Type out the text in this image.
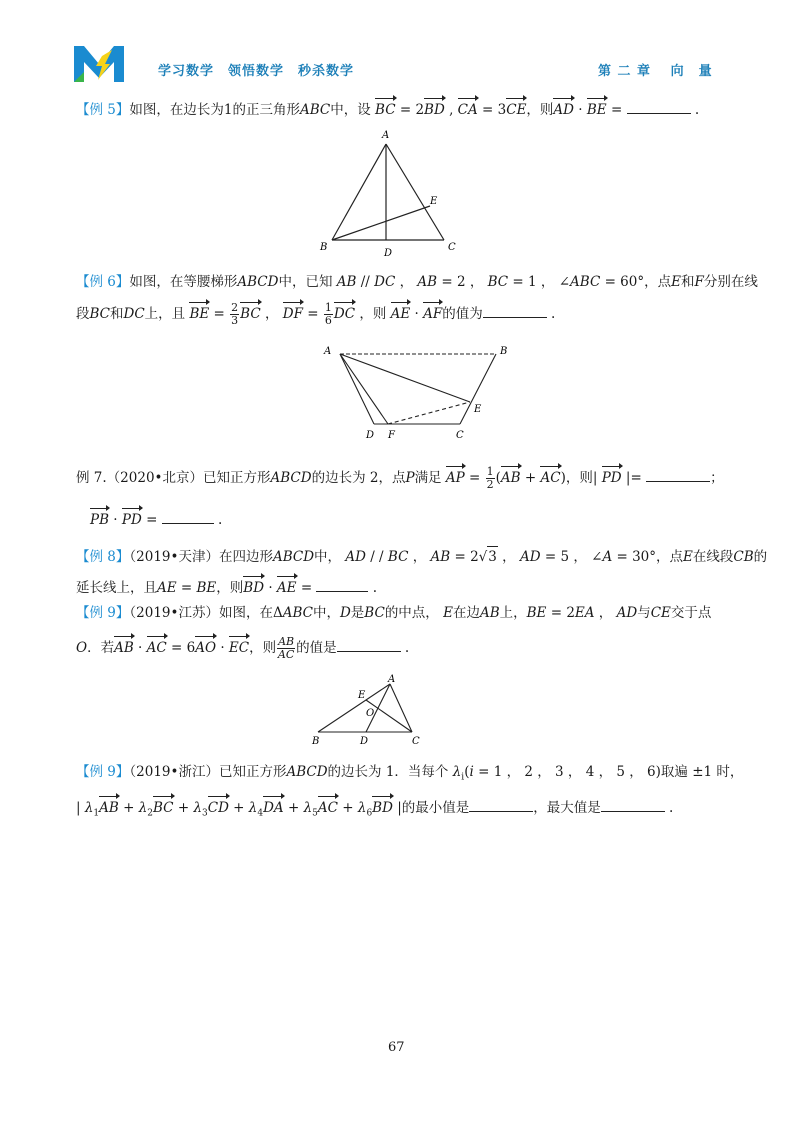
学习数学　领悟数学　秒杀数学	第 二 章　 向　量
【例 5】如图，在边长为1的正三角形ABC中，设 BC = 2BD , CA = 3CE，则AD · BE =	.
A
B	C
D
E
【例 6】如图，在等腰梯形ABCD中，已知 AB // DC ， AB = 2 ， BC = 1 ， ∠ABC = 60°，点E和F分别在线
段BC和DC上，且 BE = $\frac{2}{3}$ BC ， DF = $\frac{1}{6}$ DC ，则 AE · AF的值为	.
A	B
C
D
E
F
例 7.（2020•北京）已知正方形ABCD的边长为 2，点P满足 AP = $\frac{1}{2} (AB + AC)$，则| PD |=	；
PB · PD =	.
【例 8】（2019•天津）在四边形ABCD中， AD / / BC ， AB = 2√3 ， AD = 5 ， ∠A = 30°，点E在线段CB的
延长线上，且AE = BE，则BD · AE =	.
【例 9】（2019•江苏）如图，在ΔABC中，D是BC的中点， E在边AB上，BE = 2EA ， AD与CE交于点
O．若AB · AC = 6AO · EC，则 $\frac{AB}{AC}$ 的值是	.
A
B	C
D
E
O
【例 9】（2019•浙江）已知正方形ABCD的边长为 1．当每个 $\lambda_i(i = 1$ ， 2 ， 3 ， 4 ， 5 ， 6)取遍 ±1 时，
| $\lambda_1AB + \lambda_2BC + \lambda_3CD + \lambda_4DA + \lambda_5AC + \lambda_6BD$ |的最小值是	，最大值是	.
67
